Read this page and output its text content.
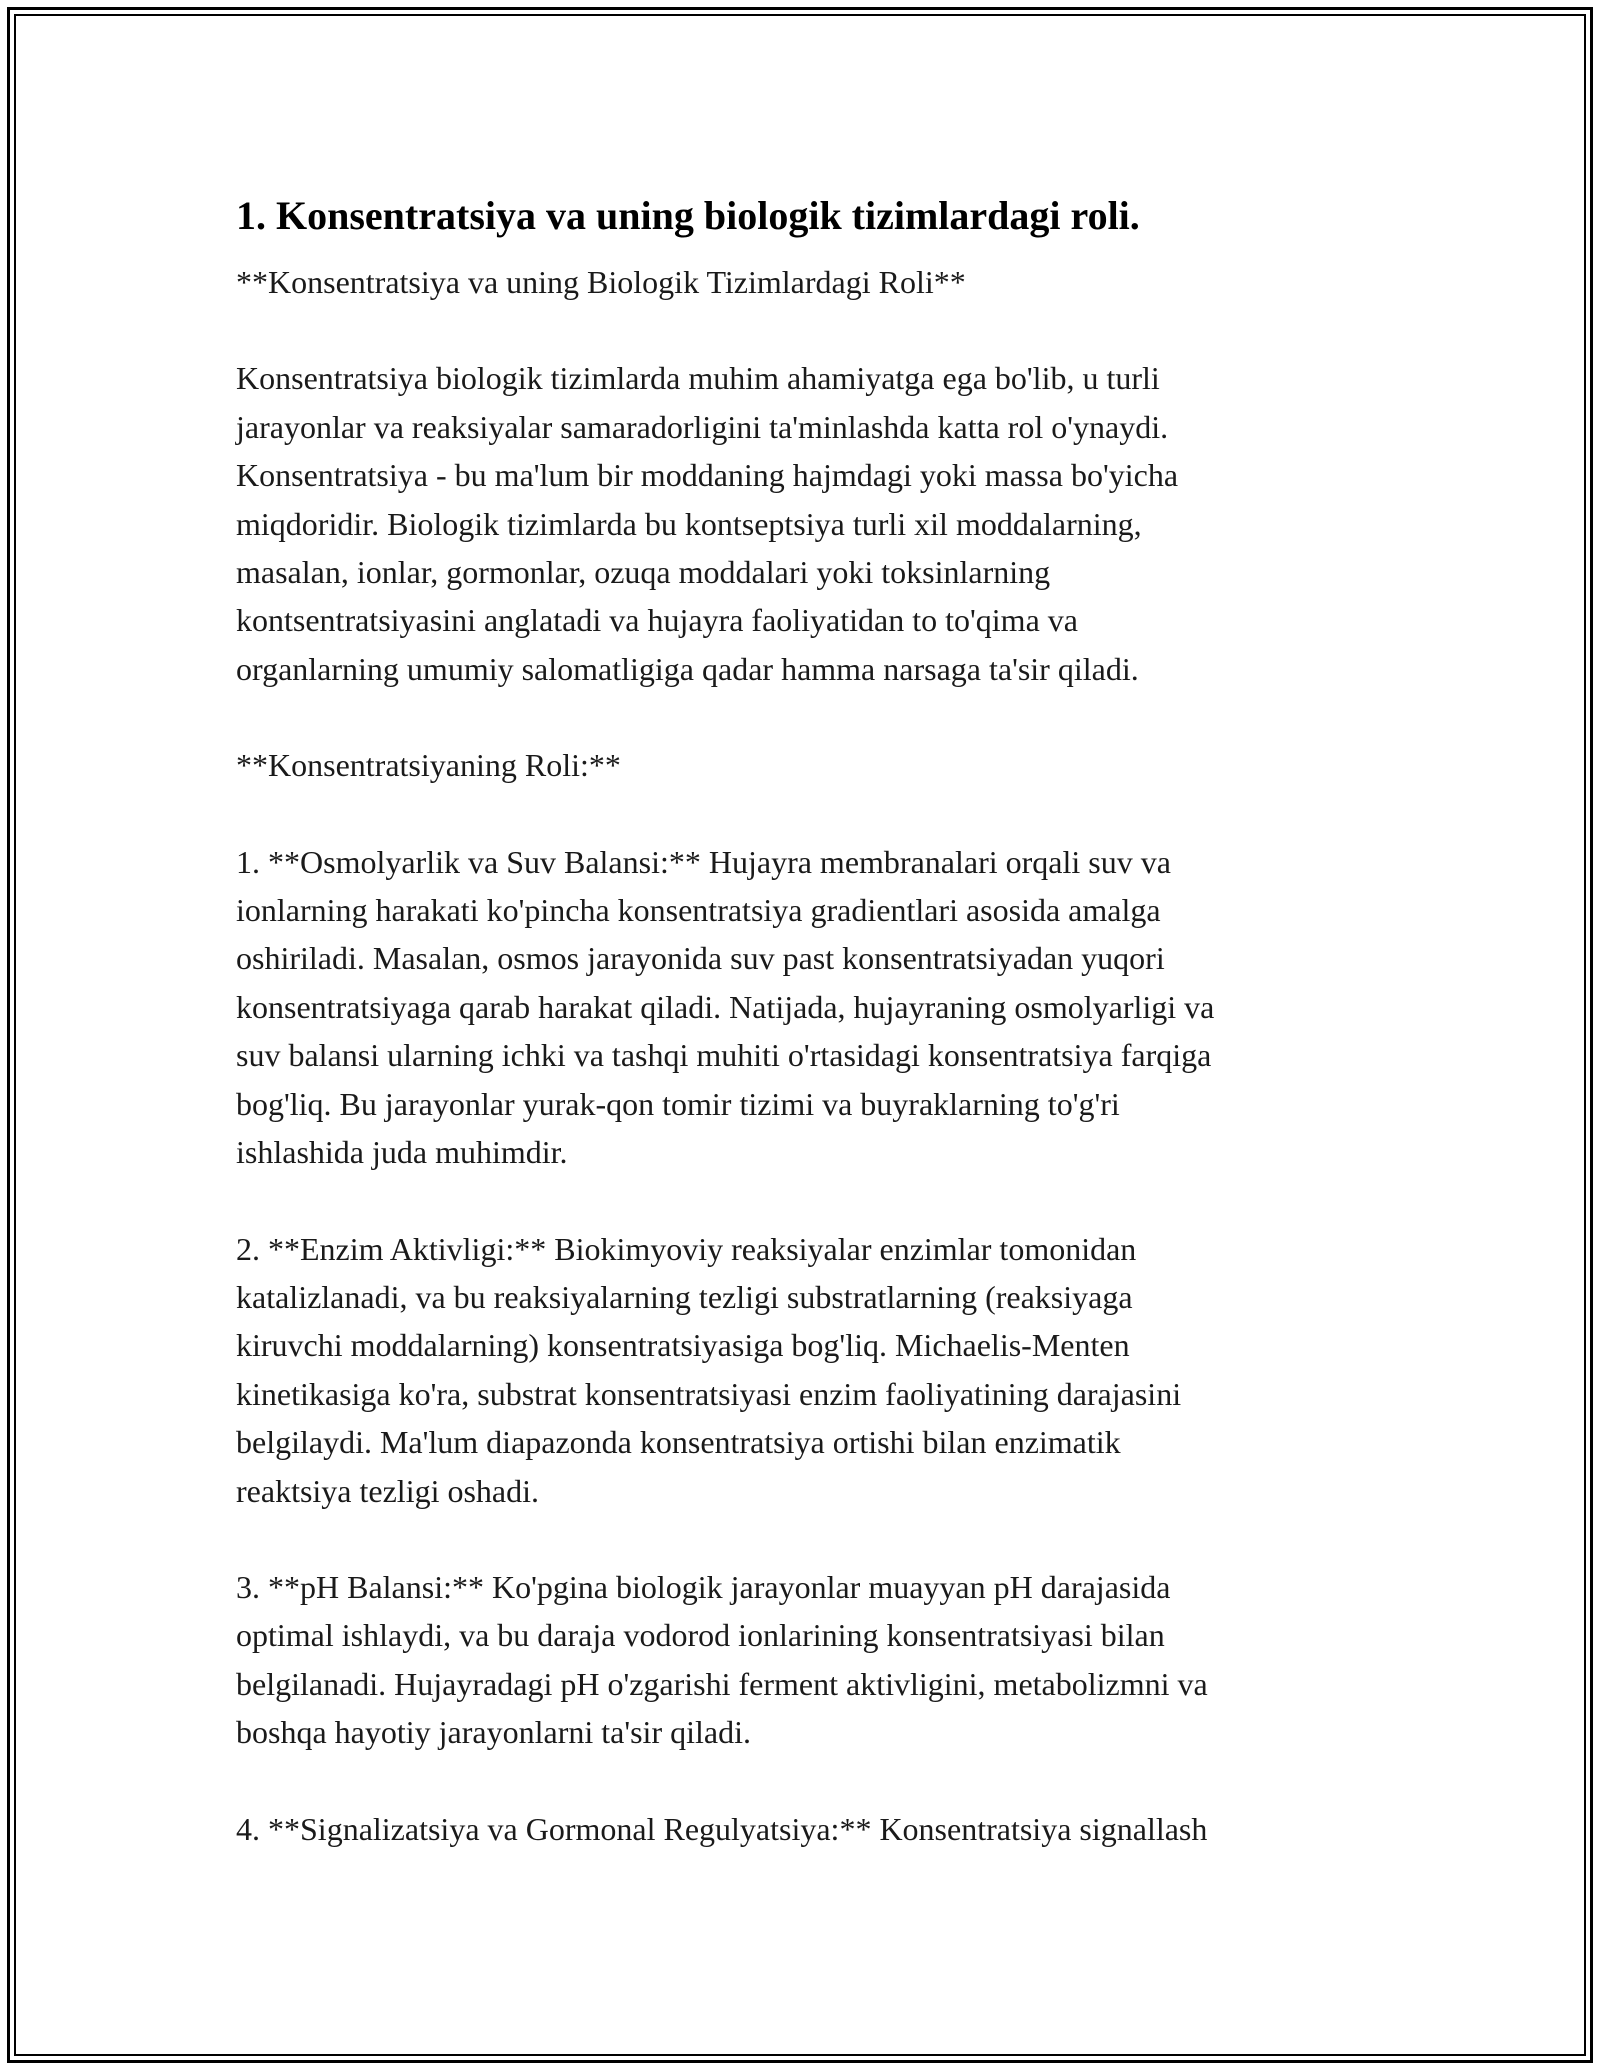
1. Konsentratsiya va uning biologik tizimlardagi roli.

**Konsentratsiya va uning Biologik Tizimlardagi Roli**

Konsentratsiya biologik tizimlarda muhim ahamiyatga ega bo'lib, u turli
jarayonlar va reaksiyalar samaradorligini ta'minlashda katta rol o'ynaydi.
Konsentratsiya - bu ma'lum bir moddaning hajmdagi yoki massa bo'yicha
miqdoridir. Biologik tizimlarda bu kontseptsiya turli xil moddalarning,
masalan, ionlar, gormonlar, ozuqa moddalari yoki toksinlarning
kontsentratsiyasini anglatadi va hujayra faoliyatidan to to'qima va
organlarning umumiy salomatligiga qadar hamma narsaga ta'sir qiladi.

**Konsentratsiyaning Roli:**

1. **Osmolyarlik va Suv Balansi:** Hujayra membranalari orqali suv va
ionlarning harakati ko'pincha konsentratsiya gradientlari asosida amalga
oshiriladi. Masalan, osmos jarayonida suv past konsentratsiyadan yuqori
konsentratsiyaga qarab harakat qiladi. Natijada, hujayraning osmolyarligi va
suv balansi ularning ichki va tashqi muhiti o'rtasidagi konsentratsiya farqiga
bog'liq. Bu jarayonlar yurak-qon tomir tizimi va buyraklarning to'g'ri
ishlashida juda muhimdir.

2. **Enzim Aktivligi:** Biokimyoviy reaksiyalar enzimlar tomonidan
katalizlanadi, va bu reaksiyalarning tezligi substratlarning (reaksiyaga
kiruvchi moddalarning) konsentratsiyasiga bog'liq. Michaelis-Menten
kinetikasiga ko'ra, substrat konsentratsiyasi enzim faoliyatining darajasini
belgilaydi. Ma'lum diapazonda konsentratsiya ortishi bilan enzimatik
reaktsiya tezligi oshadi.

3. **pH Balansi:** Ko'pgina biologik jarayonlar muayyan pH darajasida
optimal ishlaydi, va bu daraja vodorod ionlarining konsentratsiyasi bilan
belgilanadi. Hujayradagi pH o'zgarishi ferment aktivligini, metabolizmni va
boshqa hayotiy jarayonlarni ta'sir qiladi.

4. **Signalizatsiya va Gormonal Regulyatsiya:** Konsentratsiya signallash
